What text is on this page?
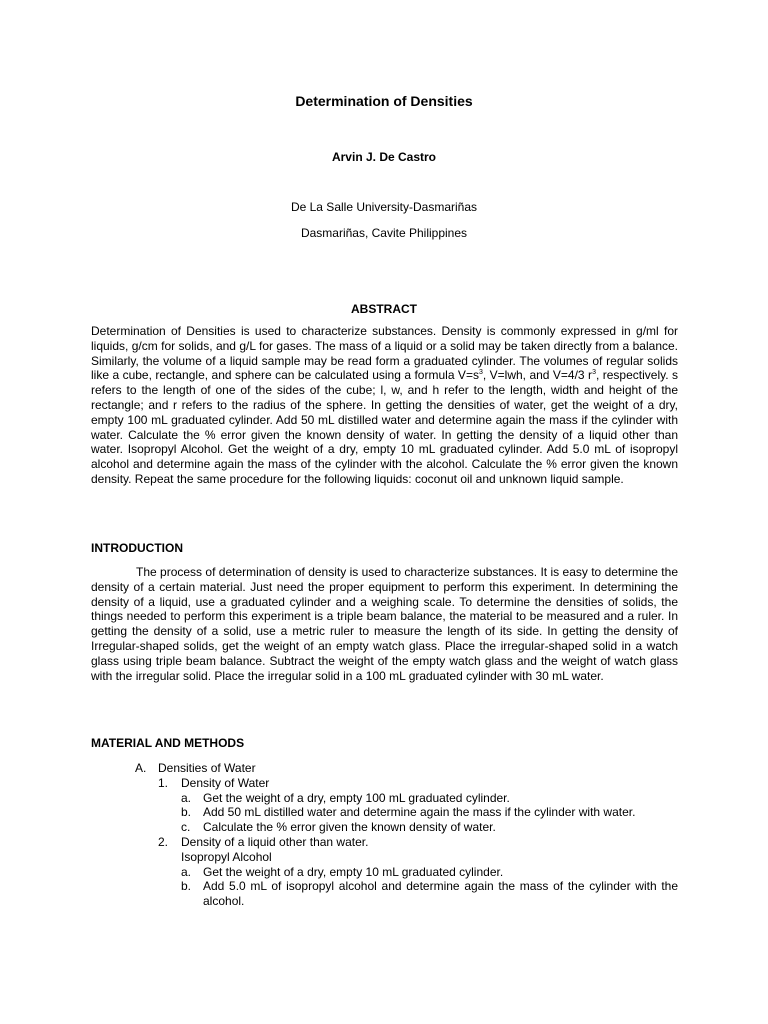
Determination of Densities
Arvin J. De Castro
De La Salle University-Dasmariñas
Dasmariñas, Cavite Philippines
ABSTRACT
Determination of Densities is used to characterize substances. Density is commonly expressed in g/ml for liquids, g/cm for solids, and g/L for gases. The mass of a liquid or a solid may be taken directly from a balance. Similarly, the volume of a liquid sample may be read form a graduated cylinder. The volumes of regular solids like a cube, rectangle, and sphere can be calculated using a formula $V=s^3$, V=lwh, and V=4/3 $r^3$, respectively. s refers to the length of one of the sides of the cube; l, w, and h refer to the length, width and height of the rectangle; and r refers to the radius of the sphere. In getting the densities of water, get the weight of a dry, empty 100 mL graduated cylinder. Add 50 mL distilled water and determine again the mass if the cylinder with water. Calculate the % error given the known density of water. In getting the density of a liquid other than water. Isopropyl Alcohol. Get the weight of a dry, empty 10 mL graduated cylinder. Add 5.0 mL of isopropyl alcohol and determine again the mass of the cylinder with the alcohol. Calculate the % error given the known density. Repeat the same procedure for the following liquids: coconut oil and unknown liquid sample.
INTRODUCTION
The process of determination of density is used to characterize substances. It is easy to determine the density of a certain material. Just need the proper equipment to perform this experiment. In determining the density of a liquid, use a graduated cylinder and a weighing scale. To determine the densities of solids, the things needed to perform this experiment is a triple beam balance, the material to be measured and a ruler. In getting the density of a solid, use a metric ruler to measure the length of its side. In getting the density of Irregular-shaped solids, get the weight of an empty watch glass. Place the irregular-shaped solid in a watch glass using triple beam balance. Subtract the weight of the empty watch glass and the weight of watch glass with the irregular solid. Place the irregular solid in a 100 mL graduated cylinder with 30 mL water.
MATERIAL AND METHODS
A. Densities of Water
1.	Density of Water
a. Get the weight of a dry, empty 100 mL graduated cylinder.
b. Add 50 mL distilled water and determine again the mass if the cylinder with water.
c.	Calculate the % error given the known density of water.
2.	Density of a liquid other than water.
Isopropyl Alcohol
a. Get the weight of a dry, empty 10 mL graduated cylinder.
b. Add 5.0 mL of isopropyl alcohol and determine again the mass of the cylinder with the alcohol.
